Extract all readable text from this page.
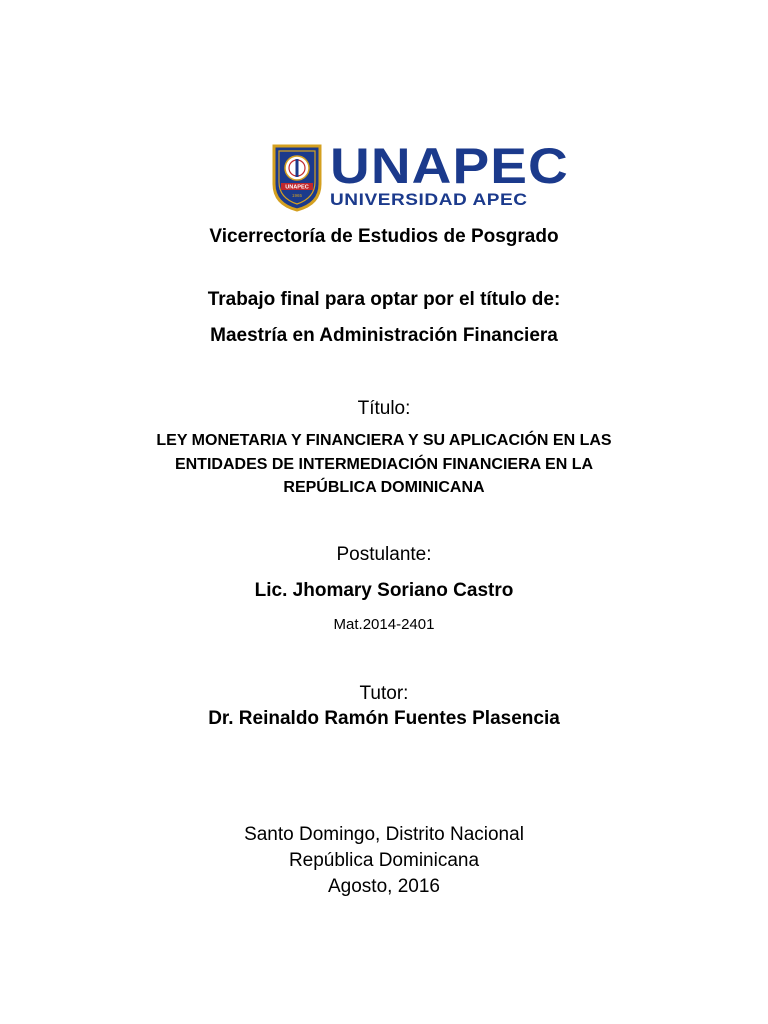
UNAPEC
1965
UNAPEC
UNIVERSIDAD APEC
Vicerrectoría de Estudios de Posgrado
Trabajo final para optar por el título de:
Maestría en Administración Financiera
Título:
LEY MONETARIA Y FINANCIERA Y SU APLICACIÓN EN LAS
ENTIDADES DE INTERMEDIACIÓN FINANCIERA EN LA
REPÚBLICA DOMINICANA
Postulante:
Lic. Jhomary Soriano Castro
Mat.2014-2401
Tutor:
Dr. Reinaldo Ramón Fuentes Plasencia
Santo Domingo, Distrito Nacional
República Dominicana
Agosto, 2016
